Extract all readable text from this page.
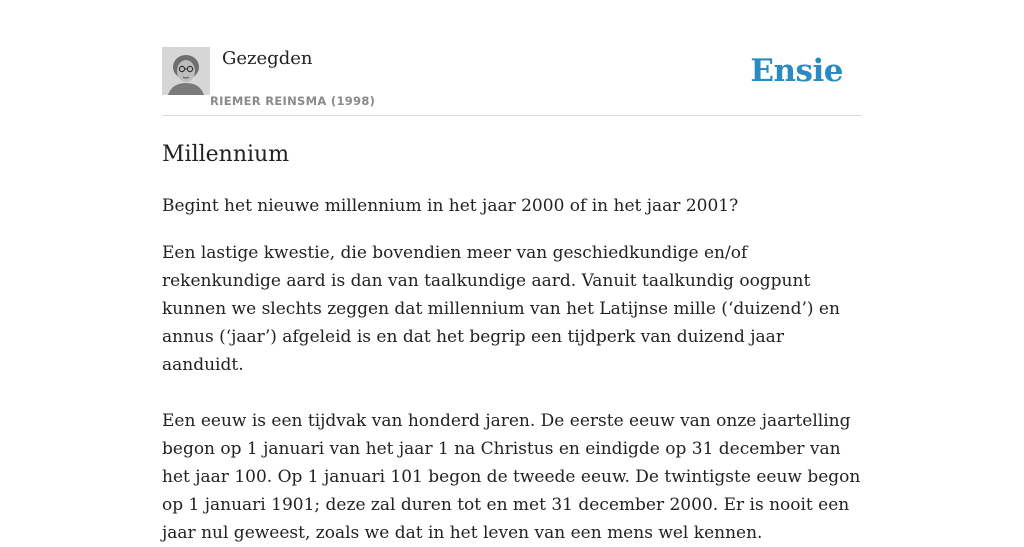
Gezegden
RIEMER REINSMA (1998)
Ensie
Millennium

Begint het nieuwe millennium in het jaar 2000 of in het jaar 2001?

Een lastige kwestie, die bovendien meer van geschiedkundige en/of rekenkundige aard is dan van taalkundige aard. Vanuit taalkundig oogpunt kunnen we slechts zeggen dat millennium van het Latijnse mille (‘duizend’) en annus (‘jaar’) afgeleid is en dat het begrip een tijdperk van duizend jaar aanduidt.

Een eeuw is een tijdvak van honderd jaren. De eerste eeuw van onze jaartelling begon op 1 januari van het jaar 1 na Christus en eindigde op 31 december van het jaar 100. Op 1 januari 101 begon de tweede eeuw. De twintigste eeuw begon op 1 januari 1901; deze zal duren tot en met 31 december 2000. Er is nooit een jaar nul geweest, zoals we dat in het leven van een mens wel kennen.
